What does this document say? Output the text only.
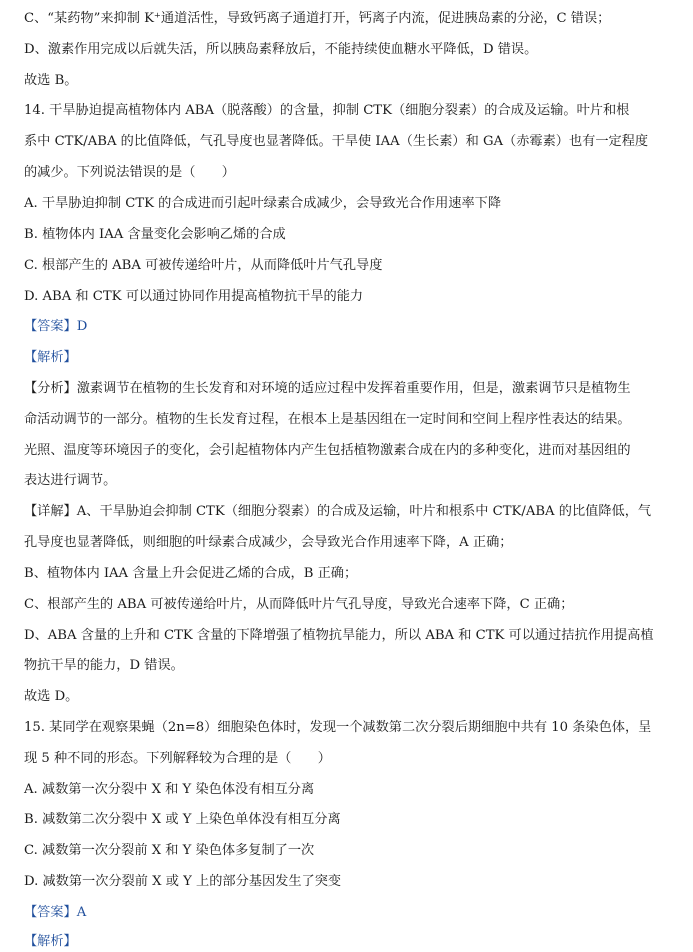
C、“某药物”来抑制 K⁺通道活性，导致钙离子通道打开，钙离子内流，促进胰岛素的分泌，C 错误；
D、激素作用完成以后就失活，所以胰岛素释放后，不能持续使血糖水平降低，D 错误。
故选 B。
14. 干旱胁迫提高植物体内 ABA（脱落酸）的含量，抑制 CTK（细胞分裂素）的合成及运输。叶片和根
系中 CTK/ABA 的比值降低，气孔导度也显著降低。干旱使 IAA（生长素）和 GA（赤霉素）也有一定程度
的减少。下列说法错误的是（　　）
A. 干旱胁迫抑制 CTK 的合成进而引起叶绿素合成减少，会导致光合作用速率下降
B. 植物体内 IAA 含量变化会影响乙烯的合成
C. 根部产生的 ABA 可被传递给叶片，从而降低叶片气孔导度
D. ABA 和 CTK 可以通过协同作用提高植物抗干旱的能力
【答案】D
【解析】
【分析】激素调节在植物的生长发育和对环境的适应过程中发挥着重要作用，但是，激素调节只是植物生
命活动调节的一部分。植物的生长发育过程，在根本上是基因组在一定时间和空间上程序性表达的结果。
光照、温度等环境因子的变化，会引起植物体内产生包括植物激素合成在内的多种变化，进而对基因组的
表达进行调节。
【详解】A、干旱胁迫会抑制 CTK（细胞分裂素）的合成及运输，叶片和根系中 CTK/ABA 的比值降低，气
孔导度也显著降低，则细胞的叶绿素合成减少，会导致光合作用速率下降，A 正确；
B、植物体内 IAA 含量上升会促进乙烯的合成，B 正确；
C、根部产生的 ABA 可被传递给叶片，从而降低叶片气孔导度，导致光合速率下降，C 正确；
D、ABA 含量的上升和 CTK 含量的下降增强了植物抗旱能力，所以 ABA 和 CTK 可以通过拮抗作用提高植
物抗干旱的能力，D 错误。
故选 D。
15. 某同学在观察果蝇（2n=8）细胞染色体时，发现一个减数第二次分裂后期细胞中共有 10 条染色体，呈
现 5 种不同的形态。下列解释较为合理的是（　　）
A. 减数第一次分裂中 X 和 Y 染色体没有相互分离
B. 减数第二次分裂中 X 或 Y 上染色单体没有相互分离
C. 减数第一次分裂前 X 和 Y 染色体多复制了一次
D. 减数第一次分裂前 X 或 Y 上的部分基因发生了突变
【答案】A
【解析】
